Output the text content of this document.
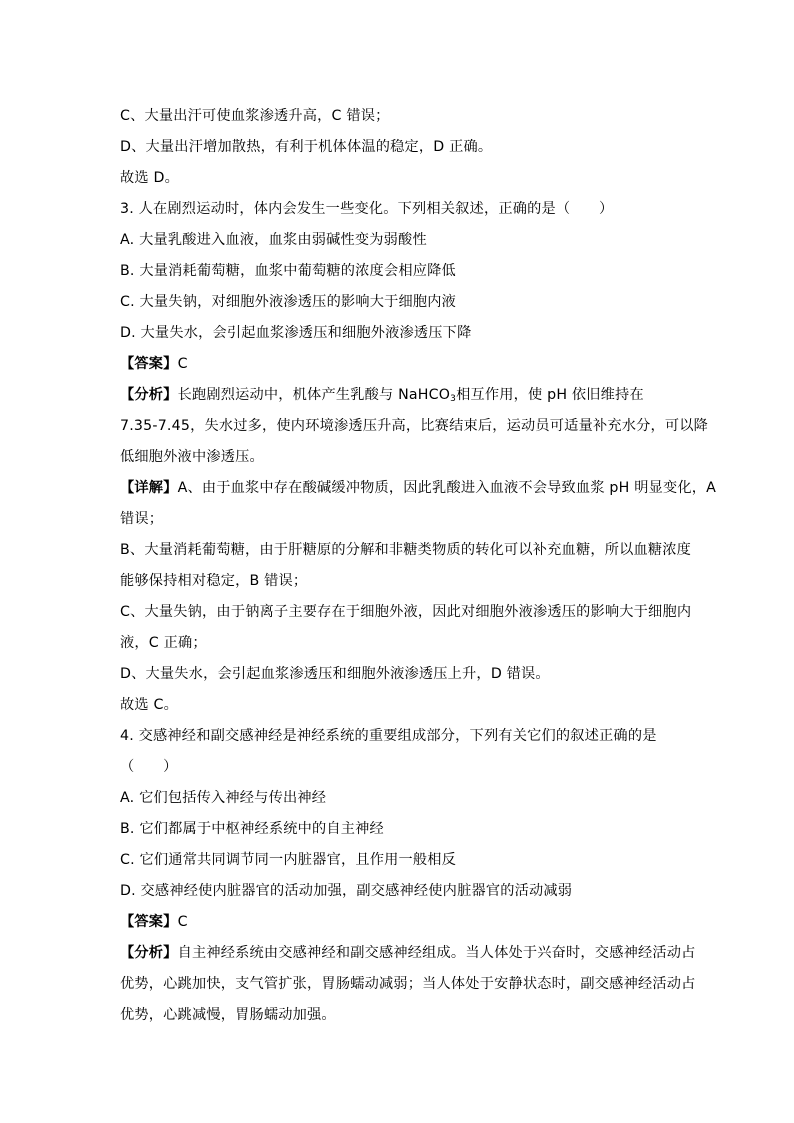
C、大量出汗可使血浆渗透升高，C 错误；
D、大量出汗增加散热，有利于机体体温的稳定，D 正确。
故选 D。
3. 人在剧烈运动时，体内会发生一些变化。下列相关叙述，正确的是（　　）
A. 大量乳酸进入血液，血浆由弱碱性变为弱酸性
B. 大量消耗葡萄糖，血浆中葡萄糖的浓度会相应降低
C. 大量失钠，对细胞外液渗透压的影响大于细胞内液
D. 大量失水，会引起血浆渗透压和细胞外液渗透压下降
【答案】C
【分析】长跑剧烈运动中，机体产生乳酸与 NaHCO$_3$相互作用，使 pH 依旧维持在
7.35-7.45，失水过多，使内环境渗透压升高，比赛结束后，运动员可适量补充水分，可以降
低细胞外液中渗透压。
【详解】A、由于血浆中存在酸碱缓冲物质，因此乳酸进入血液不会导致血浆 pH 明显变化，A
错误；
B、大量消耗葡萄糖，由于肝糖原的分解和非糖类物质的转化可以补充血糖，所以血糖浓度
能够保持相对稳定，B 错误；
C、大量失钠，由于钠离子主要存在于细胞外液，因此对细胞外液渗透压的影响大于细胞内
液，C 正确；
D、大量失水，会引起血浆渗透压和细胞外液渗透压上升，D 错误。
故选 C。
4. 交感神经和副交感神经是神经系统的重要组成部分，下列有关它们的叙述正确的是
（　　）
A. 它们包括传入神经与传出神经
B. 它们都属于中枢神经系统中的自主神经
C. 它们通常共同调节同一内脏器官，且作用一般相反
D. 交感神经使内脏器官的活动加强，副交感神经使内脏器官的活动减弱
【答案】C
【分析】自主神经系统由交感神经和副交感神经组成。当人体处于兴奋时，交感神经活动占
优势，心跳加快，支气管扩张，胃肠蠕动减弱；当人体处于安静状态时，副交感神经活动占
优势，心跳减慢，胃肠蠕动加强。
